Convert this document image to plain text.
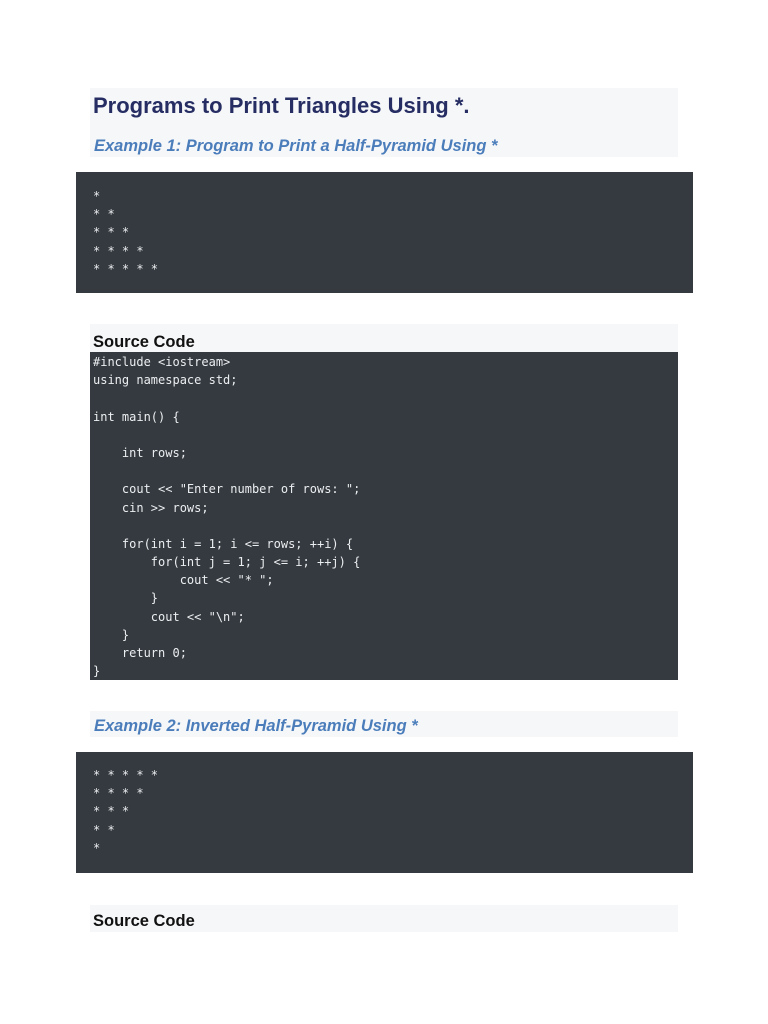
Programs to Print Triangles Using *.
Example 1: Program to Print a Half-Pyramid Using *
*
* *
* * *
* * * *
* * * * *
Source Code
#include <iostream>
using namespace std;
int main() {
int rows;
cout << "Enter number of rows: ";
cin >> rows;
for(int i = 1; i <= rows; ++i) {
for(int j = 1; j <= i; ++j) {
cout << "* ";
}
cout << "\n";
}
return 0;
}
Example 2: Inverted Half-Pyramid Using *
* * * * *
* * * *
* * *
* *
*
Source Code
